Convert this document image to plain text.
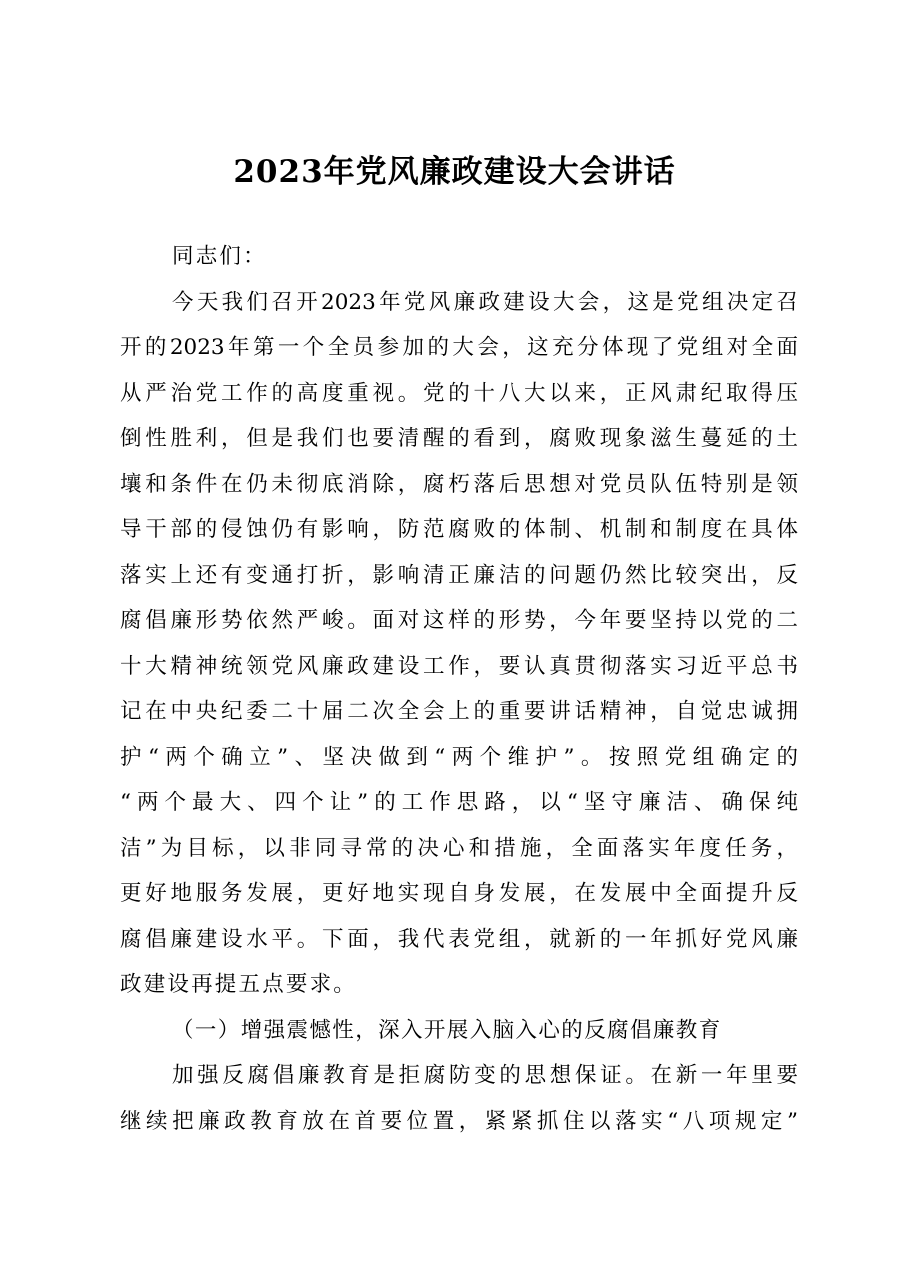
2023年党风廉政建设大会讲话
同志们：
今天我们召开2023年党风廉政建设大会，这是党组决定召
开的2023年第一个全员参加的大会，这充分体现了党组对全面
从严治党工作的高度重视。党的十八大以来，正风肃纪取得压
倒性胜利，但是我们也要清醒的看到，腐败现象滋生蔓延的土
壤和条件在仍未彻底消除，腐朽落后思想对党员队伍特别是领
导干部的侵蚀仍有影响，防范腐败的体制、机制和制度在具体
落实上还有变通打折，影响清正廉洁的问题仍然比较突出，反
腐倡廉形势依然严峻。面对这样的形势，今年要坚持以党的二
十大精神统领党风廉政建设工作，要认真贯彻落实习近平总书
记在中央纪委二十届二次全会上的重要讲话精神，自觉忠诚拥
护“两个确立”、坚决做到“两个维护”。按照党组确定的
“两个最大、四个让”的工作思路，以“坚守廉洁、确保纯
洁”为目标，以非同寻常的决心和措施，全面落实年度任务，
更好地服务发展，更好地实现自身发展，在发展中全面提升反
腐倡廉建设水平。下面，我代表党组，就新的一年抓好党风廉
政建设再提五点要求。
（一）增强震憾性，深入开展入脑入心的反腐倡廉教育
加强反腐倡廉教育是拒腐防变的思想保证。在新一年里要
继续把廉政教育放在首要位置，紧紧抓住以落实“八项规定”
